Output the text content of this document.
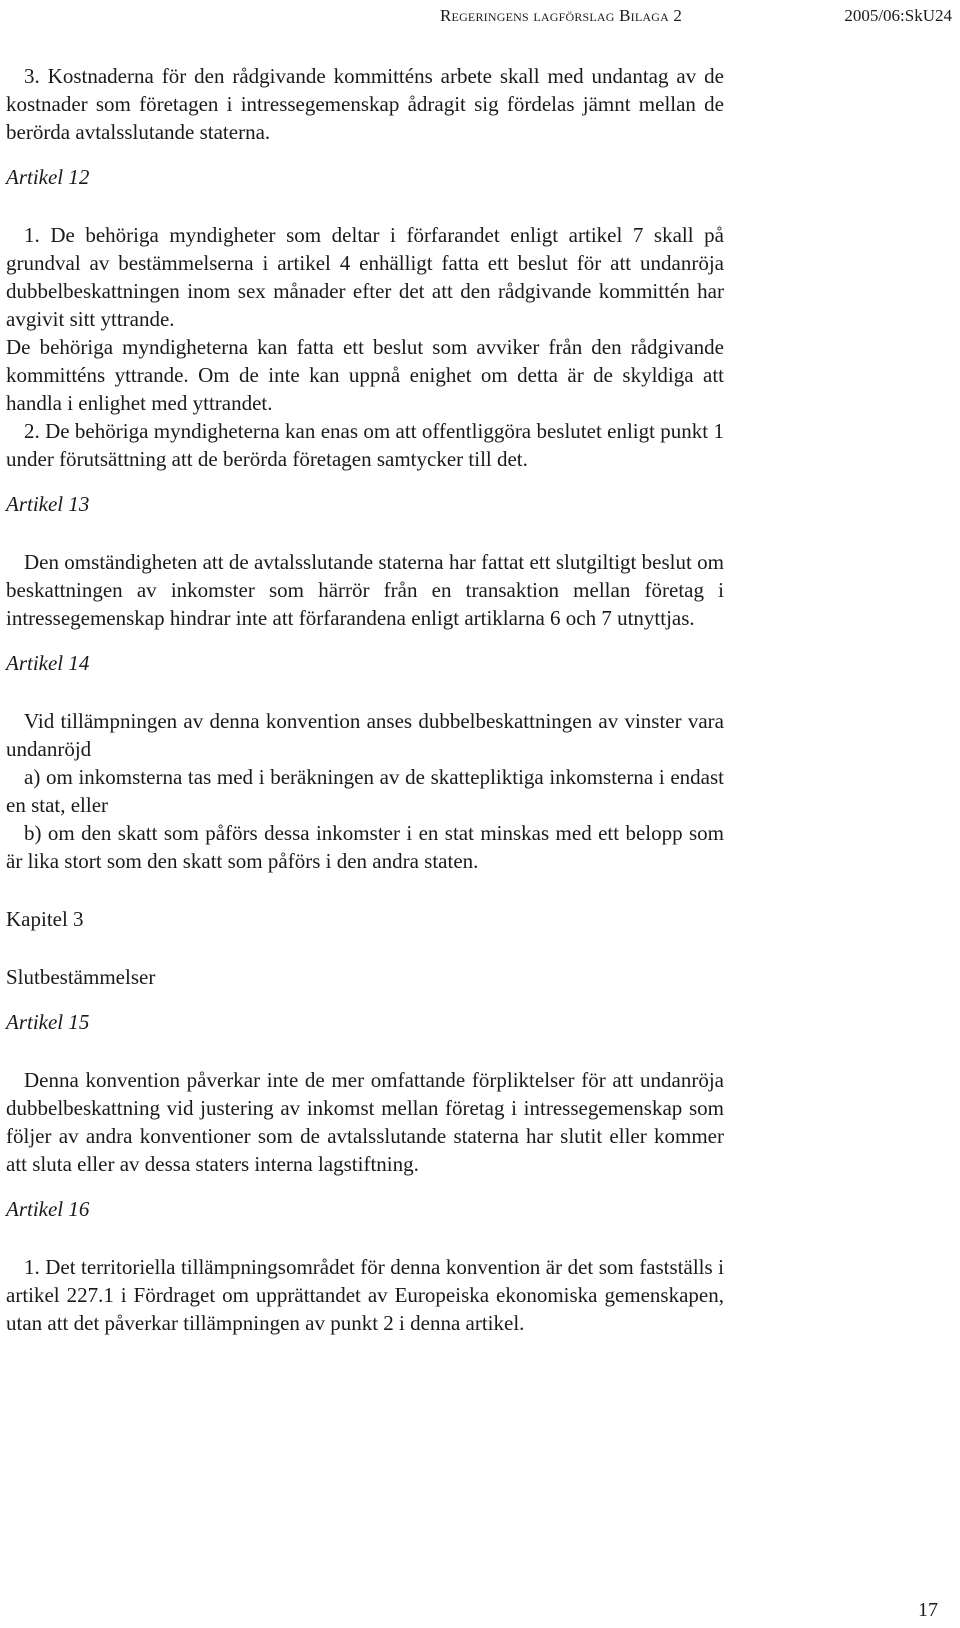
Regeringens lagförslag Bilaga 2	2005/06:SkU24

3. Kostnaderna för den rådgivande kommitténs arbete skall med undantag av de kostnader som företagen i intressegemenskap ådragit sig fördelas jämnt mellan de berörda avtalsslutande staterna.

Artikel 12

1. De behöriga myndigheter som deltar i förfarandet enligt artikel 7 skall på grundval av bestämmelserna i artikel 4 enhälligt fatta ett beslut för att undanröja dubbelbeskattningen inom sex månader efter det att den rådgivande kommittén har avgivit sitt yttrande.

De behöriga myndigheterna kan fatta ett beslut som avviker från den rådgivande kommitténs yttrande. Om de inte kan uppnå enighet om detta är de skyldiga att handla i enlighet med yttrandet.

2. De behöriga myndigheterna kan enas om att offentliggöra beslutet enligt punkt 1 under förutsättning att de berörda företagen samtycker till det.

Artikel 13

Den omständigheten att de avtalsslutande staterna har fattat ett slutgiltigt beslut om beskattningen av inkomster som härrör från en transaktion mellan företag i intressegemenskap hindrar inte att förfarandena enligt artiklarna 6 och 7 utnyttjas.

Artikel 14

Vid tillämpningen av denna konvention anses dubbelbeskattningen av vinster vara undanröjd

a) om inkomsterna tas med i beräkningen av de skattepliktiga inkomsterna i endast en stat, eller

b) om den skatt som påförs dessa inkomster i en stat minskas med ett belopp som är lika stort som den skatt som påförs i den andra staten.

Kapitel 3
Slutbestämmelser
Artikel 15

Denna konvention påverkar inte de mer omfattande förpliktelser för att undanröja dubbelbeskattning vid justering av inkomst mellan företag i intressegemenskap som följer av andra konventioner som de avtalsslutande staterna har slutit eller kommer att sluta eller av dessa staters interna lagstiftning.

Artikel 16

1. Det territoriella tillämpningsområdet för denna konvention är det som fastställs i artikel 227.1 i Fördraget om upprättandet av Europeiska ekonomiska gemenskapen, utan att det påverkar tillämpningen av punkt 2 i denna artikel.

17
